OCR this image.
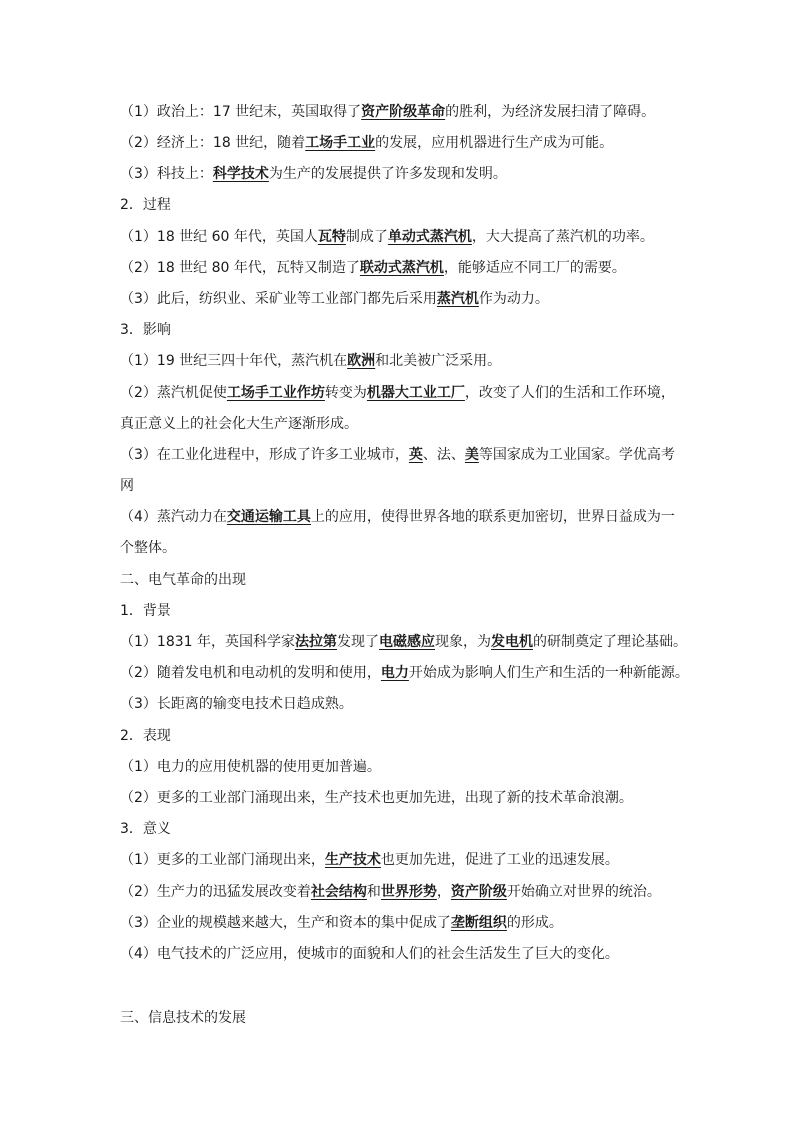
（1）政治上：17 世纪末，英国取得了资产阶级革命的胜利，为经济发展扫清了障碍。
（2）经济上：18 世纪，随着工场手工业的发展，应用机器进行生产成为可能。
（3）科技上：科学技术为生产的发展提供了许多发现和发明。
2．过程
（1）18 世纪 60 年代，英国人瓦特制成了单动式蒸汽机，大大提高了蒸汽机的功率。
（2）18 世纪 80 年代，瓦特又制造了联动式蒸汽机，能够适应不同工厂的需要。
（3）此后，纺织业、采矿业等工业部门都先后采用蒸汽机作为动力。
3．影响
（1）19 世纪三四十年代，蒸汽机在欧洲和北美被广泛采用。
（2）蒸汽机促使工场手工业作坊转变为机器大工业工厂，改变了人们的生活和工作环境，
真正意义上的社会化大生产逐渐形成。
（3）在工业化进程中，形成了许多工业城市，英、法、美等国家成为工业国家。学优高考
网
（4）蒸汽动力在交通运输工具上的应用，使得世界各地的联系更加密切，世界日益成为一
个整体。
二、电气革命的出现
1．背景
（1）1831 年，英国科学家法拉第发现了电磁感应现象，为发电机的研制奠定了理论基础。
（2）随着发电机和电动机的发明和使用，电力开始成为影响人们生产和生活的一种新能源。
（3）长距离的输变电技术日趋成熟。
2．表现
（1）电力的应用使机器的使用更加普遍。
（2）更多的工业部门涌现出来，生产技术也更加先进，出现了新的技术革命浪潮。
3．意义
（1）更多的工业部门涌现出来，生产技术也更加先进，促进了工业的迅速发展。
（2）生产力的迅猛发展改变着社会结构和世界形势，资产阶级开始确立对世界的统治。
（3）企业的规模越来越大，生产和资本的集中促成了垄断组织的形成。
（4）电气技术的广泛应用，使城市的面貌和人们的社会生活发生了巨大的变化。
三、信息技术的发展
